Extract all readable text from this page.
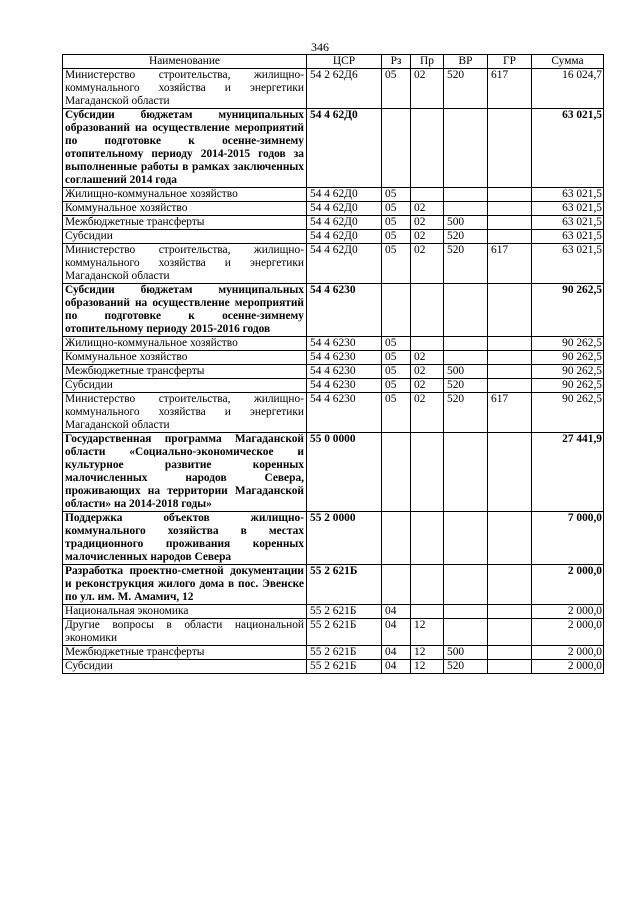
346
Наименование	ЦСР	Рз	Пр	ВР	ГР	Сумма
Министерство строительства, жилищно-коммунального хозяйства и энергетики Магаданской области	54 2 62Д6	05	02	520	617	16 024,7
Субсидии бюджетам муниципальных образований на осуществление мероприятий по подготовке к осенне-зимнему отопительному периоду 2014-2015 годов за выполненные работы в рамках заключенных соглашений 2014 года	54 4 62Д0					63 021,5
Жилищно-коммунальное хозяйство	54 4 62Д0	05				63 021,5
Коммунальное хозяйство	54 4 62Д0	05	02			63 021,5
Межбюджетные трансферты	54 4 62Д0	05	02	500		63 021,5
Субсидии	54 4 62Д0	05	02	520		63 021,5
Министерство строительства, жилищно-коммунального хозяйства и энергетики Магаданской области	54 4 62Д0	05	02	520	617	63 021,5
Субсидии бюджетам муниципальных образований на осуществление мероприятий по подготовке к осенне-зимнему отопительному периоду 2015-2016 годов	54 4 6230					90 262,5
Жилищно-коммунальное хозяйство	54 4 6230	05				90 262,5
Коммунальное хозяйство	54 4 6230	05	02			90 262,5
Межбюджетные трансферты	54 4 6230	05	02	500		90 262,5
Субсидии	54 4 6230	05	02	520		90 262,5
Министерство строительства, жилищно-коммунального хозяйства и энергетики Магаданской области	54 4 6230	05	02	520	617	90 262,5
Государственная программа Магаданской области «Социально-экономическое и культурное развитие коренных малочисленных народов Севера, проживающих на территории Магаданской области» на 2014-2018 годы»	55 0 0000					27 441,9
Поддержка объектов жилищно-коммунального хозяйства в местах традиционного проживания коренных малочисленных народов Севера	55 2 0000					7 000,0
Разработка проектно-сметной документации и реконструкция жилого дома в пос. Эвенске по ул. им. М. Амамич, 12	55 2 621Б					2 000,0
Национальная экономика	55 2 621Б	04				2 000,0
Другие вопросы в области национальной экономики	55 2 621Б	04	12			2 000,0
Межбюджетные трансферты	55 2 621Б	04	12	500		2 000,0
Субсидии	55 2 621Б	04	12	520		2 000,0
